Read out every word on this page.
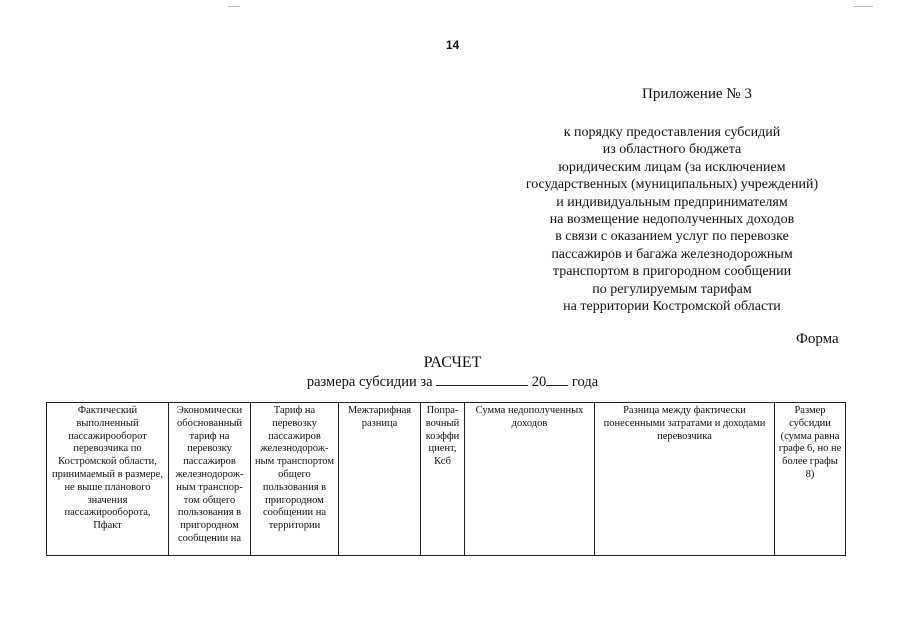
14
Приложение № 3
к порядку предоставления субсидий
из областного бюджета
юридическим лицам (за исключением
государственных (муниципальных) учреждений)
и индивидуальным предпринимателям
на возмещение недополученных доходов
в связи с оказанием услуг по перевозке
пассажиров и багажа железнодорожным
транспортом в пригородном сообщении
по регулируемым тарифам
на территории Костромской области
Форма
РАСЧЕТ
размера субсидии за	20 года
Фактический выполненный пассажирооборот перевозчика по Костромской области, принимаемый в размере, не выше планового значения пассажирооборота, Пфакт	Экономически обоснованный тариф на перевозку пассажиров железнодорож-ным транспор-том общего пользования в пригородном сообщении на	Тариф на перевозку пассажиров железнодорож-ным транспортом общего пользования в пригородном сообщении на территории	Межтарифная разница	Попра-вочный коэффи циент, Ксб	Сумма недополученных доходов	Разница между фактически понесенными затратами и доходами перевозчика	Размер субсидии (сумма равна графе 6, но не более графы 8)
